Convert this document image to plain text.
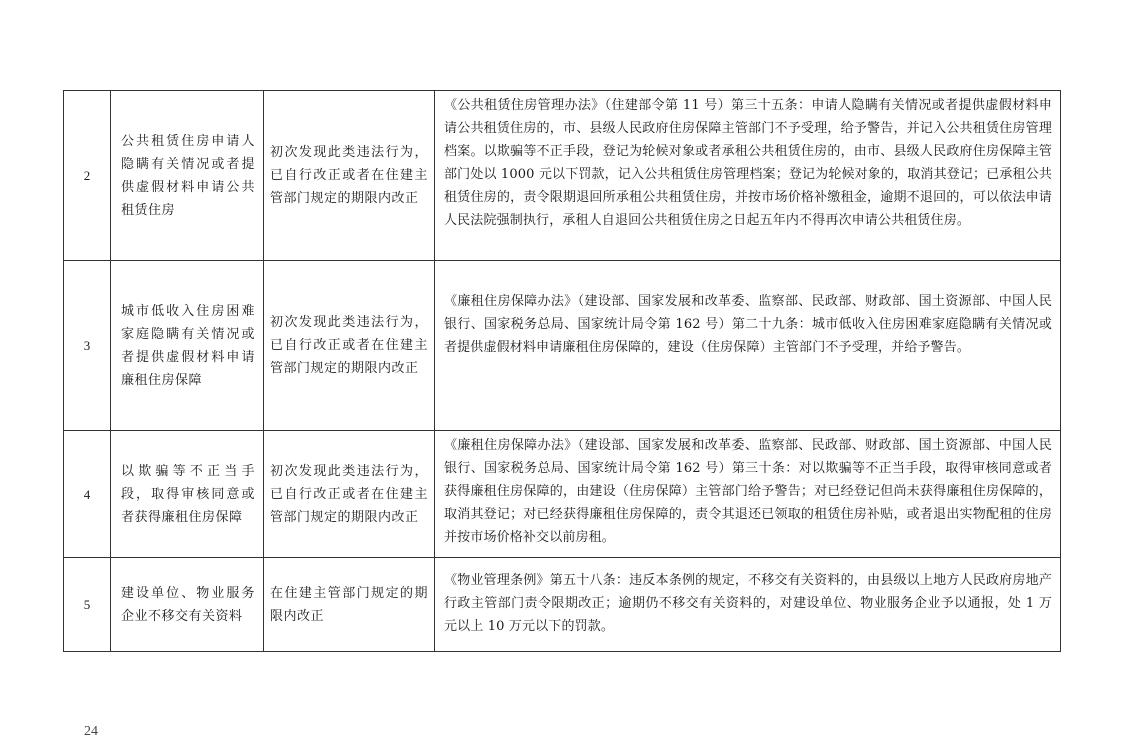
2	公共租赁住房申请人隐瞒有关情况或者提供虚假材料申请公共租赁住房	初次发现此类违法行为，已自行改正或者在住建主管部门规定的期限内改正	《公共租赁住房管理办法》（住建部令第 11 号）第三十五条：申请人隐瞒有关情况或者提供虚假材料申请公共租赁住房的，市、县级人民政府住房保障主管部门不予受理，给予警告，并记入公共租赁住房管理档案。以欺骗等不正手段，登记为轮候对象或者承租公共租赁住房的，由市、县级人民政府住房保障主管部门处以 1000 元以下罚款，记入公共租赁住房管理档案；登记为轮候对象的，取消其登记；已承租公共租赁住房的，责令限期退回所承租公共租赁住房，并按市场价格补缴租金，逾期不退回的，可以依法申请人民法院强制执行，承租人自退回公共租赁住房之日起五年内不得再次申请公共租赁住房。

3	城市低收入住房困难家庭隐瞒有关情况或者提供虚假材料申请廉租住房保障	初次发现此类违法行为，已自行改正或者在住建主管部门规定的期限内改正	《廉租住房保障办法》（建设部、国家发展和改革委、监察部、民政部、财政部、国土资源部、中国人民银行、国家税务总局、国家统计局令第 162 号）第二十九条：城市低收入住房困难家庭隐瞒有关情况或者提供虚假材料申请廉租住房保障的，建设（住房保障）主管部门不予受理，并给予警告。

4	以欺骗等不正当手段，取得审核同意或者获得廉租住房保障	初次发现此类违法行为，已自行改正或者在住建主管部门规定的期限内改正	《廉租住房保障办法》（建设部、国家发展和改革委、监察部、民政部、财政部、国土资源部、中国人民银行、国家税务总局、国家统计局令第 162 号）第三十条：对以欺骗等不正当手段，取得审核同意或者获得廉租住房保障的，由建设（住房保障）主管部门给予警告；对已经登记但尚未获得廉租住房保障的，取消其登记；对已经获得廉租住房保障的，责令其退还已领取的租赁住房补贴，或者退出实物配租的住房并按市场价格补交以前房租。

5	建设单位、物业服务企业不移交有关资料	在住建主管部门规定的期限内改正	《物业管理条例》第五十八条：违反本条例的规定，不移交有关资料的，由县级以上地方人民政府房地产行政主管部门责令限期改正；逾期仍不移交有关资料的，对建设单位、物业服务企业予以通报，处 1 万元以上 10 万元以下的罚款。
24
